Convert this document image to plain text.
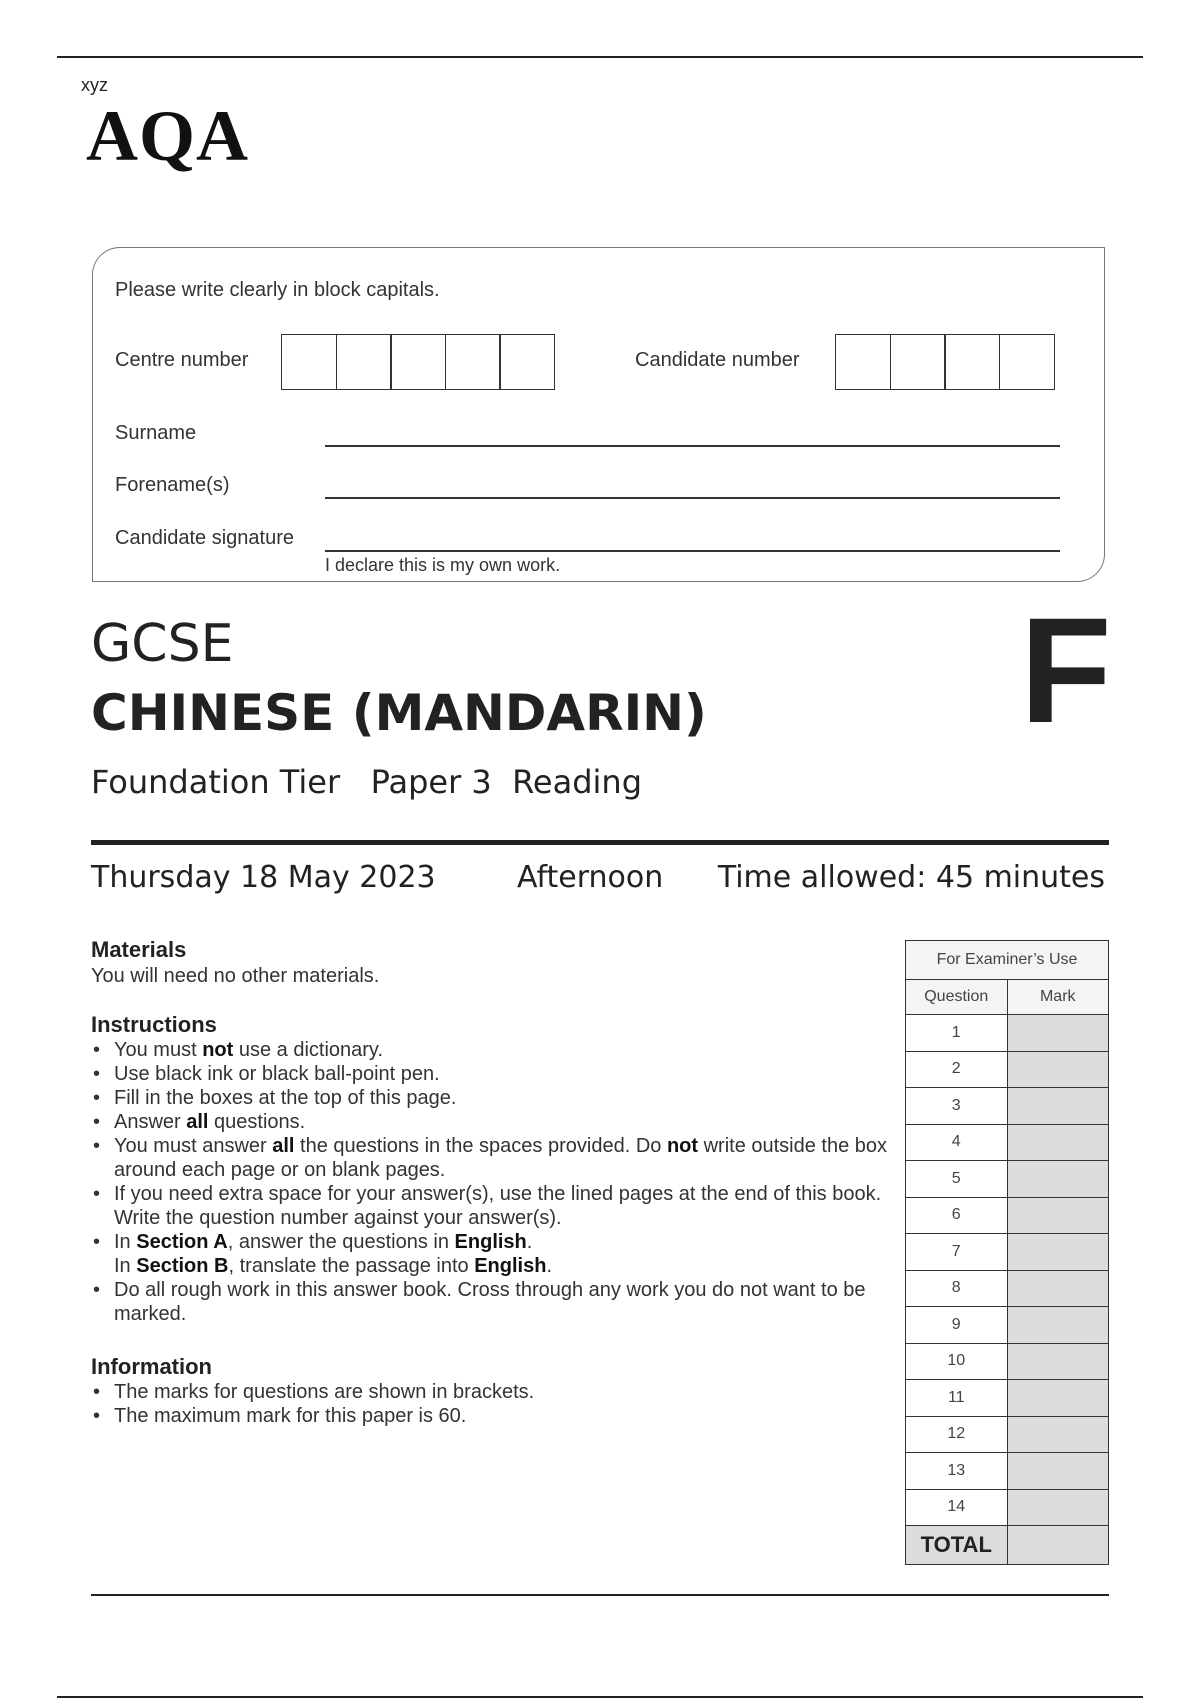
xyz
AQA
Please write clearly in block capitals.
Centre number	Candidate number
Surname
Forename(s)
Candidate signature
I declare this is my own work.
GCSE
CHINESE (MANDARIN)
Foundation Tier   Paper 3  Reading
F
Thursday 18 May 2023	Afternoon Time allowed: 45 minutes
Materials
You will need no other materials.
Instructions
• You must not use a dictionary.
• Use black ink or black ball-point pen.
• Fill in the boxes at the top of this page.
• Answer all questions.
• You must answer all the questions in the spaces provided. Do not write outside the box around each page or on blank pages.
• If you need extra space for your answer(s), use the lined pages at the end of this book. Write the question number against your answer(s).
• In Section A, answer the questions in English.
In Section B, translate the passage into English.
• Do all rough work in this answer book. Cross through any work you do not want to be marked.
Information
• The marks for questions are shown in brackets.
• The maximum mark for this paper is 60.
For Examiner’s Use	
Question	Mark
1	
2	
3	
4	
5	
6	
7	
8	
9	
10	
11	
12	
13	
14	
TOTAL	
